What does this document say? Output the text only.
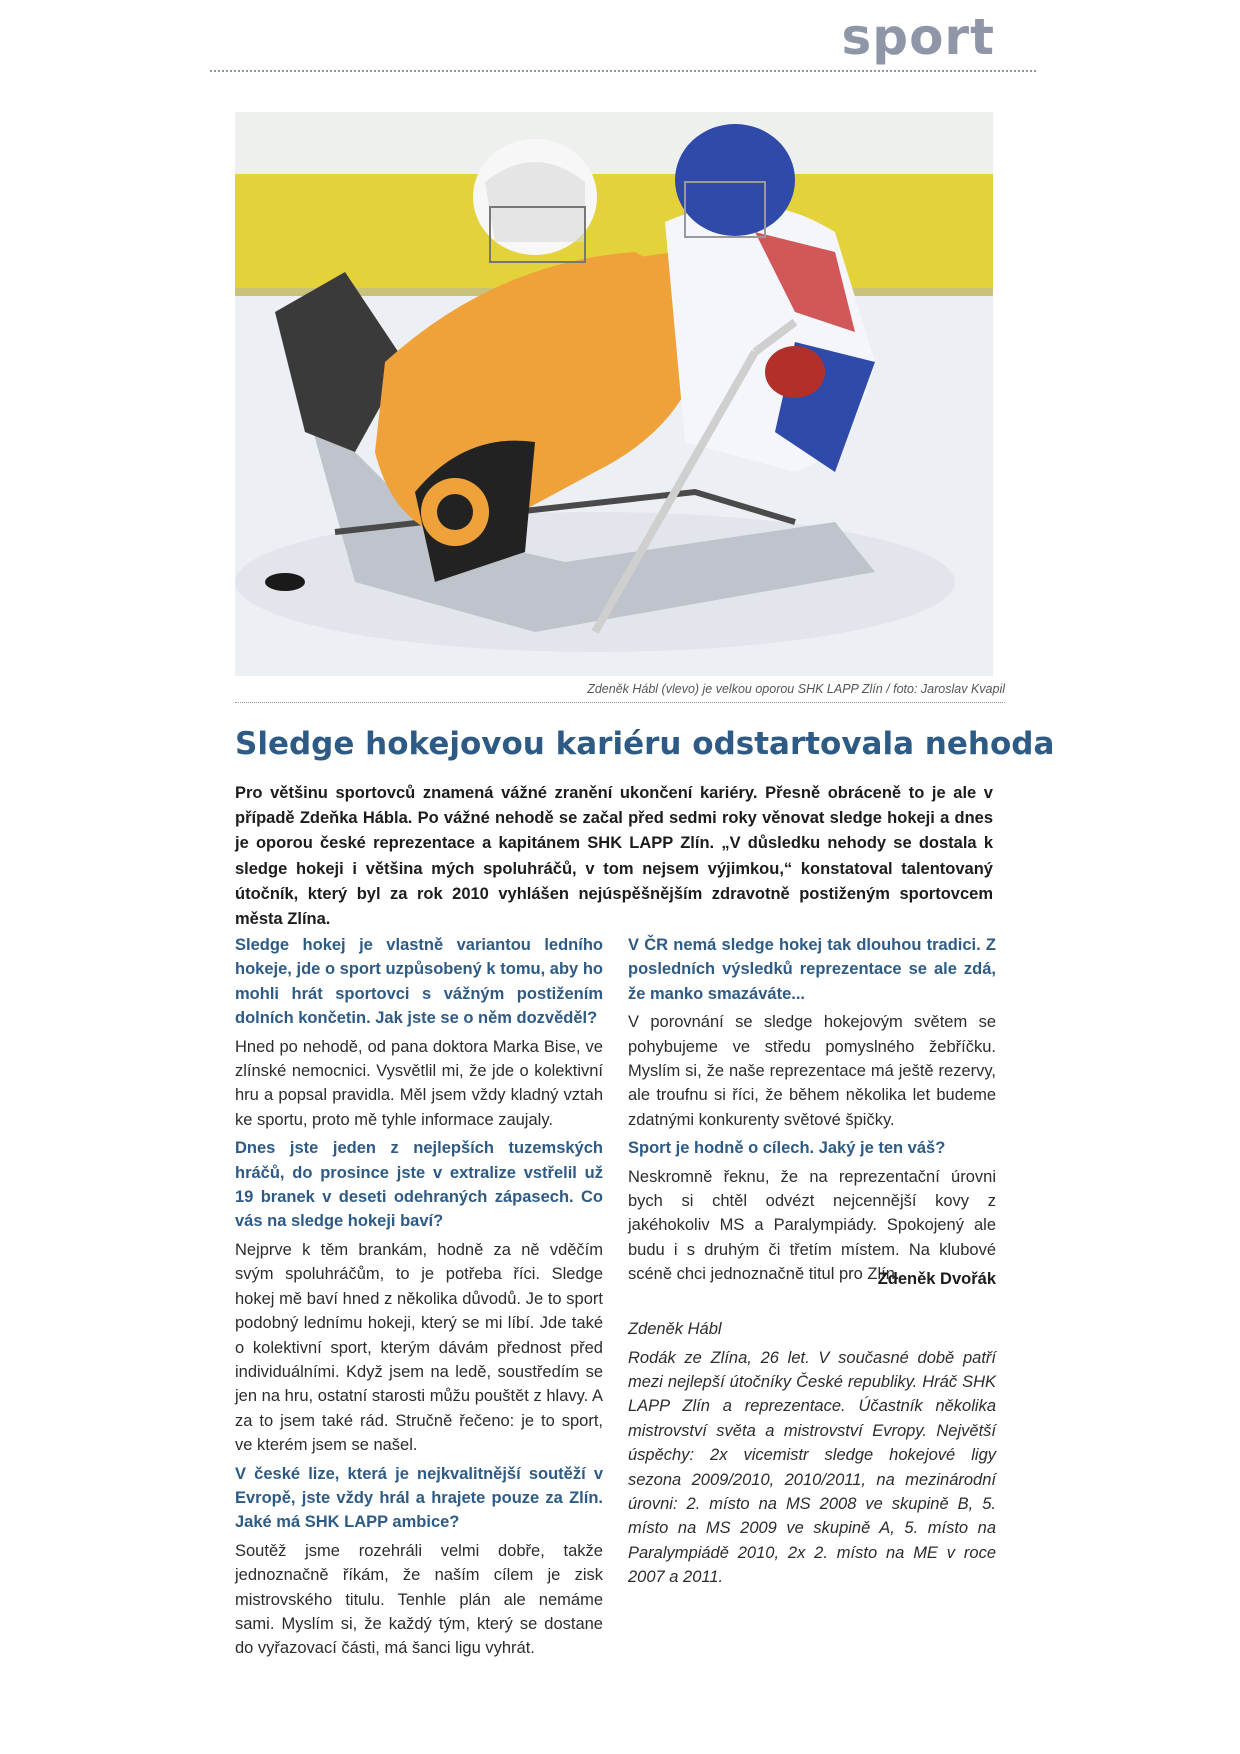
sport
Zdeněk Hábl (vlevo) je velkou oporou SHK LAPP Zlín / foto: Jaroslav Kvapil
Sledge hokejovou kariéru odstartovala nehoda

Pro většinu sportovců znamená vážné zranění ukončení kariéry. Přesně obráceně to je ale v případě Zdeňka Hábla. Po vážné nehodě se začal před sedmi roky věnovat sledge hokeji a dnes je oporou české reprezentace a kapitánem SHK LAPP Zlín. „V důsledku nehody se dostala k sledge hokeji i většina mých spoluhráčů, v tom nejsem výjimkou,“ konstatoval talentovaný útočník, který byl za rok 2010 vyhlášen nejúspěšnějším zdravotně postiženým sportovcem města Zlína.

Sledge hokej je vlastně variantou ledního hokeje, jde o sport uzpůsobený k tomu, aby ho mohli hrát sportovci s vážným postižením dolních končetin. Jak jste se o něm dozvěděl?

Hned po nehodě, od pana doktora Marka Bise, ve zlínské nemocnici. Vysvětlil mi, že jde o kolektivní hru a popsal pravidla. Měl jsem vždy kladný vztah ke sportu, proto mě tyhle informace zaujaly.

Dnes jste jeden z nejlepších tuzemských hráčů, do prosince jste v extralize vstřelil už 19 branek v deseti odehraných zápasech. Co vás na sledge hokeji baví?

Nejprve k těm brankám, hodně za ně vděčím svým spoluhráčům, to je potřeba říci. Sledge hokej mě baví hned z několika důvodů. Je to sport podobný lednímu hokeji, který se mi líbí. Jde také o kolektivní sport, kterým dávám přednost před individuálními. Když jsem na ledě, soustředím se jen na hru, ostatní starosti můžu pouštět z hlavy. A za to jsem také rád. Stručně řečeno: je to sport, ve kterém jsem se našel.

V české lize, která je nejkvalitnější soutěží v Evropě, jste vždy hrál a hrajete pouze za Zlín. Jaké má SHK LAPP ambice?

Soutěž jsme rozehráli velmi dobře, takže jednoznačně říkám, že naším cílem je zisk mistrovského titulu. Tenhle plán ale nemáme sami. Myslím si, že každý tým, který se dostane do vyřazovací části, má šanci ligu vyhrát.

V ČR nemá sledge hokej tak dlouhou tradici. Z posledních výsledků reprezentace se ale zdá, že manko smazáváte...

V porovnání se sledge hokejovým světem se pohybujeme ve středu pomyslného žebříčku. Myslím si, že naše reprezentace má ještě rezervy, ale troufnu si říci, že během několika let budeme zdatnými konkurenty světové špičky.

Sport je hodně o cílech. Jaký je ten váš?

Neskromně řeknu, že na reprezentační úrovni bych si chtěl odvézt nejcennější kovy z jakéhokoliv MS a Paralympiády. Spokojený ale budu i s druhým či třetím místem. Na klubové scéně chci jednoznačně titul pro Zlín.

Zdeněk Dvořák

Zdeněk Hábl

Rodák ze Zlína, 26 let. V současné době patří mezi nejlepší útočníky České republiky. Hráč SHK LAPP Zlín a reprezentace. Účastník několika mistrovství světa a mistrovství Evropy. Největší úspěchy: 2x vicemistr sledge hokejové ligy sezona 2009/2010, 2010/2011, na mezinárodní úrovni: 2. místo na MS 2008 ve skupině B, 5. místo na MS 2009 ve skupině A, 5. místo na Paralympiádě 2010, 2x 2. místo na ME v roce 2007 a 2011.
